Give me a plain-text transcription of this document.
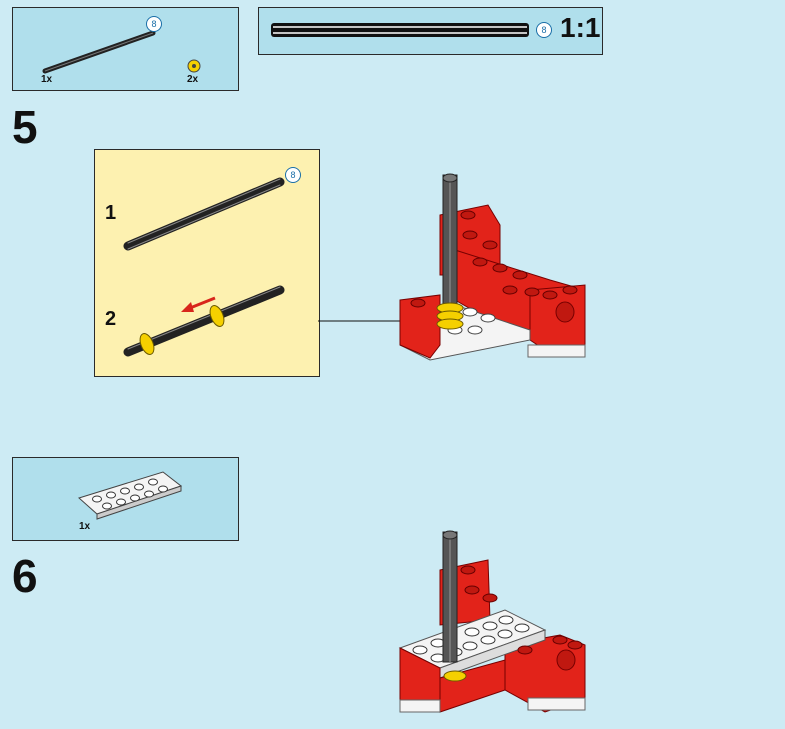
8
1x	2x
8 1:1
5
1
8
2
1x
6
